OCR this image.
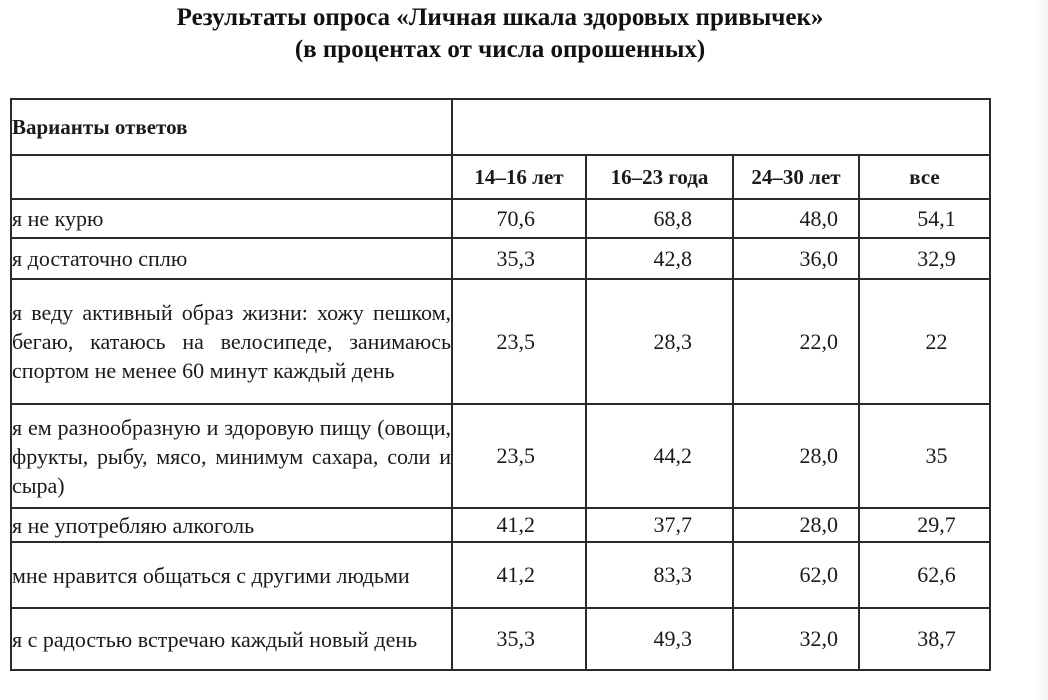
Результаты опроса «Личная шкала здоровых привычек»
(в процентах от числа опрошенных)
Варианты ответов				
	14–16 лет	16–23 года	24–30 лет	все
я не курю	70,6	68,8	48,0	54,1
я достаточно сплю	35,3	42,8	36,0	32,9
я веду активный образ жизни: хожу пешком, бегаю, катаюсь на велосипеде, занимаюсь спортом не менее 60 минут каждый день	23,5	28,3	22,0	22
я ем разнообразную и здоровую пищу (овощи, фрукты, рыбу, мясо, минимум сахара, соли и сыра)	23,5	44,2	28,0	35
я не употребляю алкоголь	41,2	37,7	28,0	29,7
мне нравится общаться с другими людьми	41,2	83,3	62,0	62,6
я с радостью встречаю каждый новый день	35,3	49,3	32,0	38,7
